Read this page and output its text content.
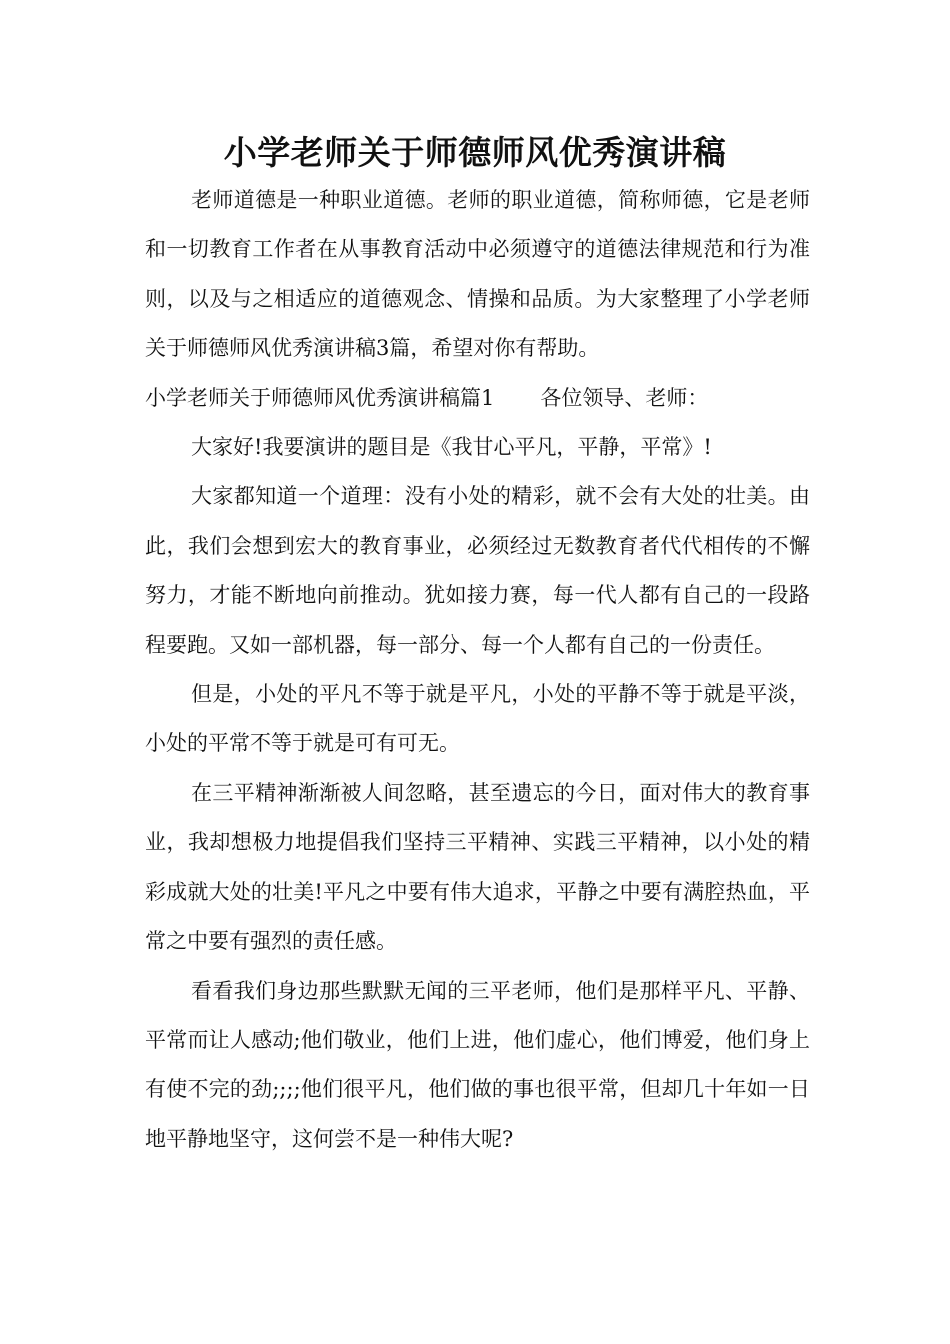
小学老师关于师德师风优秀演讲稿

老师道德是一种职业道德。老师的职业道德，简称师德，它是老师和一切教育工作者在从事教育活动中必须遵守的道德法律规范和行为准则，以及与之相适应的道德观念、情操和品质。为大家整理了小学老师关于师德师风优秀演讲稿3篇，希望对你有帮助。

小学老师关于师德师风优秀演讲稿篇1 各位领导、老师：

大家好!我要演讲的题目是《我甘心平凡，平静，平常》!

大家都知道一个道理：没有小处的精彩，就不会有大处的壮美。由此，我们会想到宏大的教育事业，必须经过无数教育者代代相传的不懈努力，才能不断地向前推动。犹如接力赛，每一代人都有自己的一段路程要跑。又如一部机器，每一部分、每一个人都有自己的一份责任。

但是，小处的平凡不等于就是平凡，小处的平静不等于就是平淡，小处的平常不等于就是可有可无。

在三平精神渐渐被人间忽略，甚至遗忘的今日，面对伟大的教育事业，我却想极力地提倡我们坚持三平精神、实践三平精神，以小处的精彩成就大处的壮美!平凡之中要有伟大追求，平静之中要有满腔热血，平常之中要有强烈的责任感。

看看我们身边那些默默无闻的三平老师，他们是那样平凡、平静、平常而让人感动;他们敬业，他们上进，他们虚心，他们博爱，他们身上有使不完的劲;;;;他们很平凡，他们做的事也很平常，但却几十年如一日地平静地坚守，这何尝不是一种伟大呢?
